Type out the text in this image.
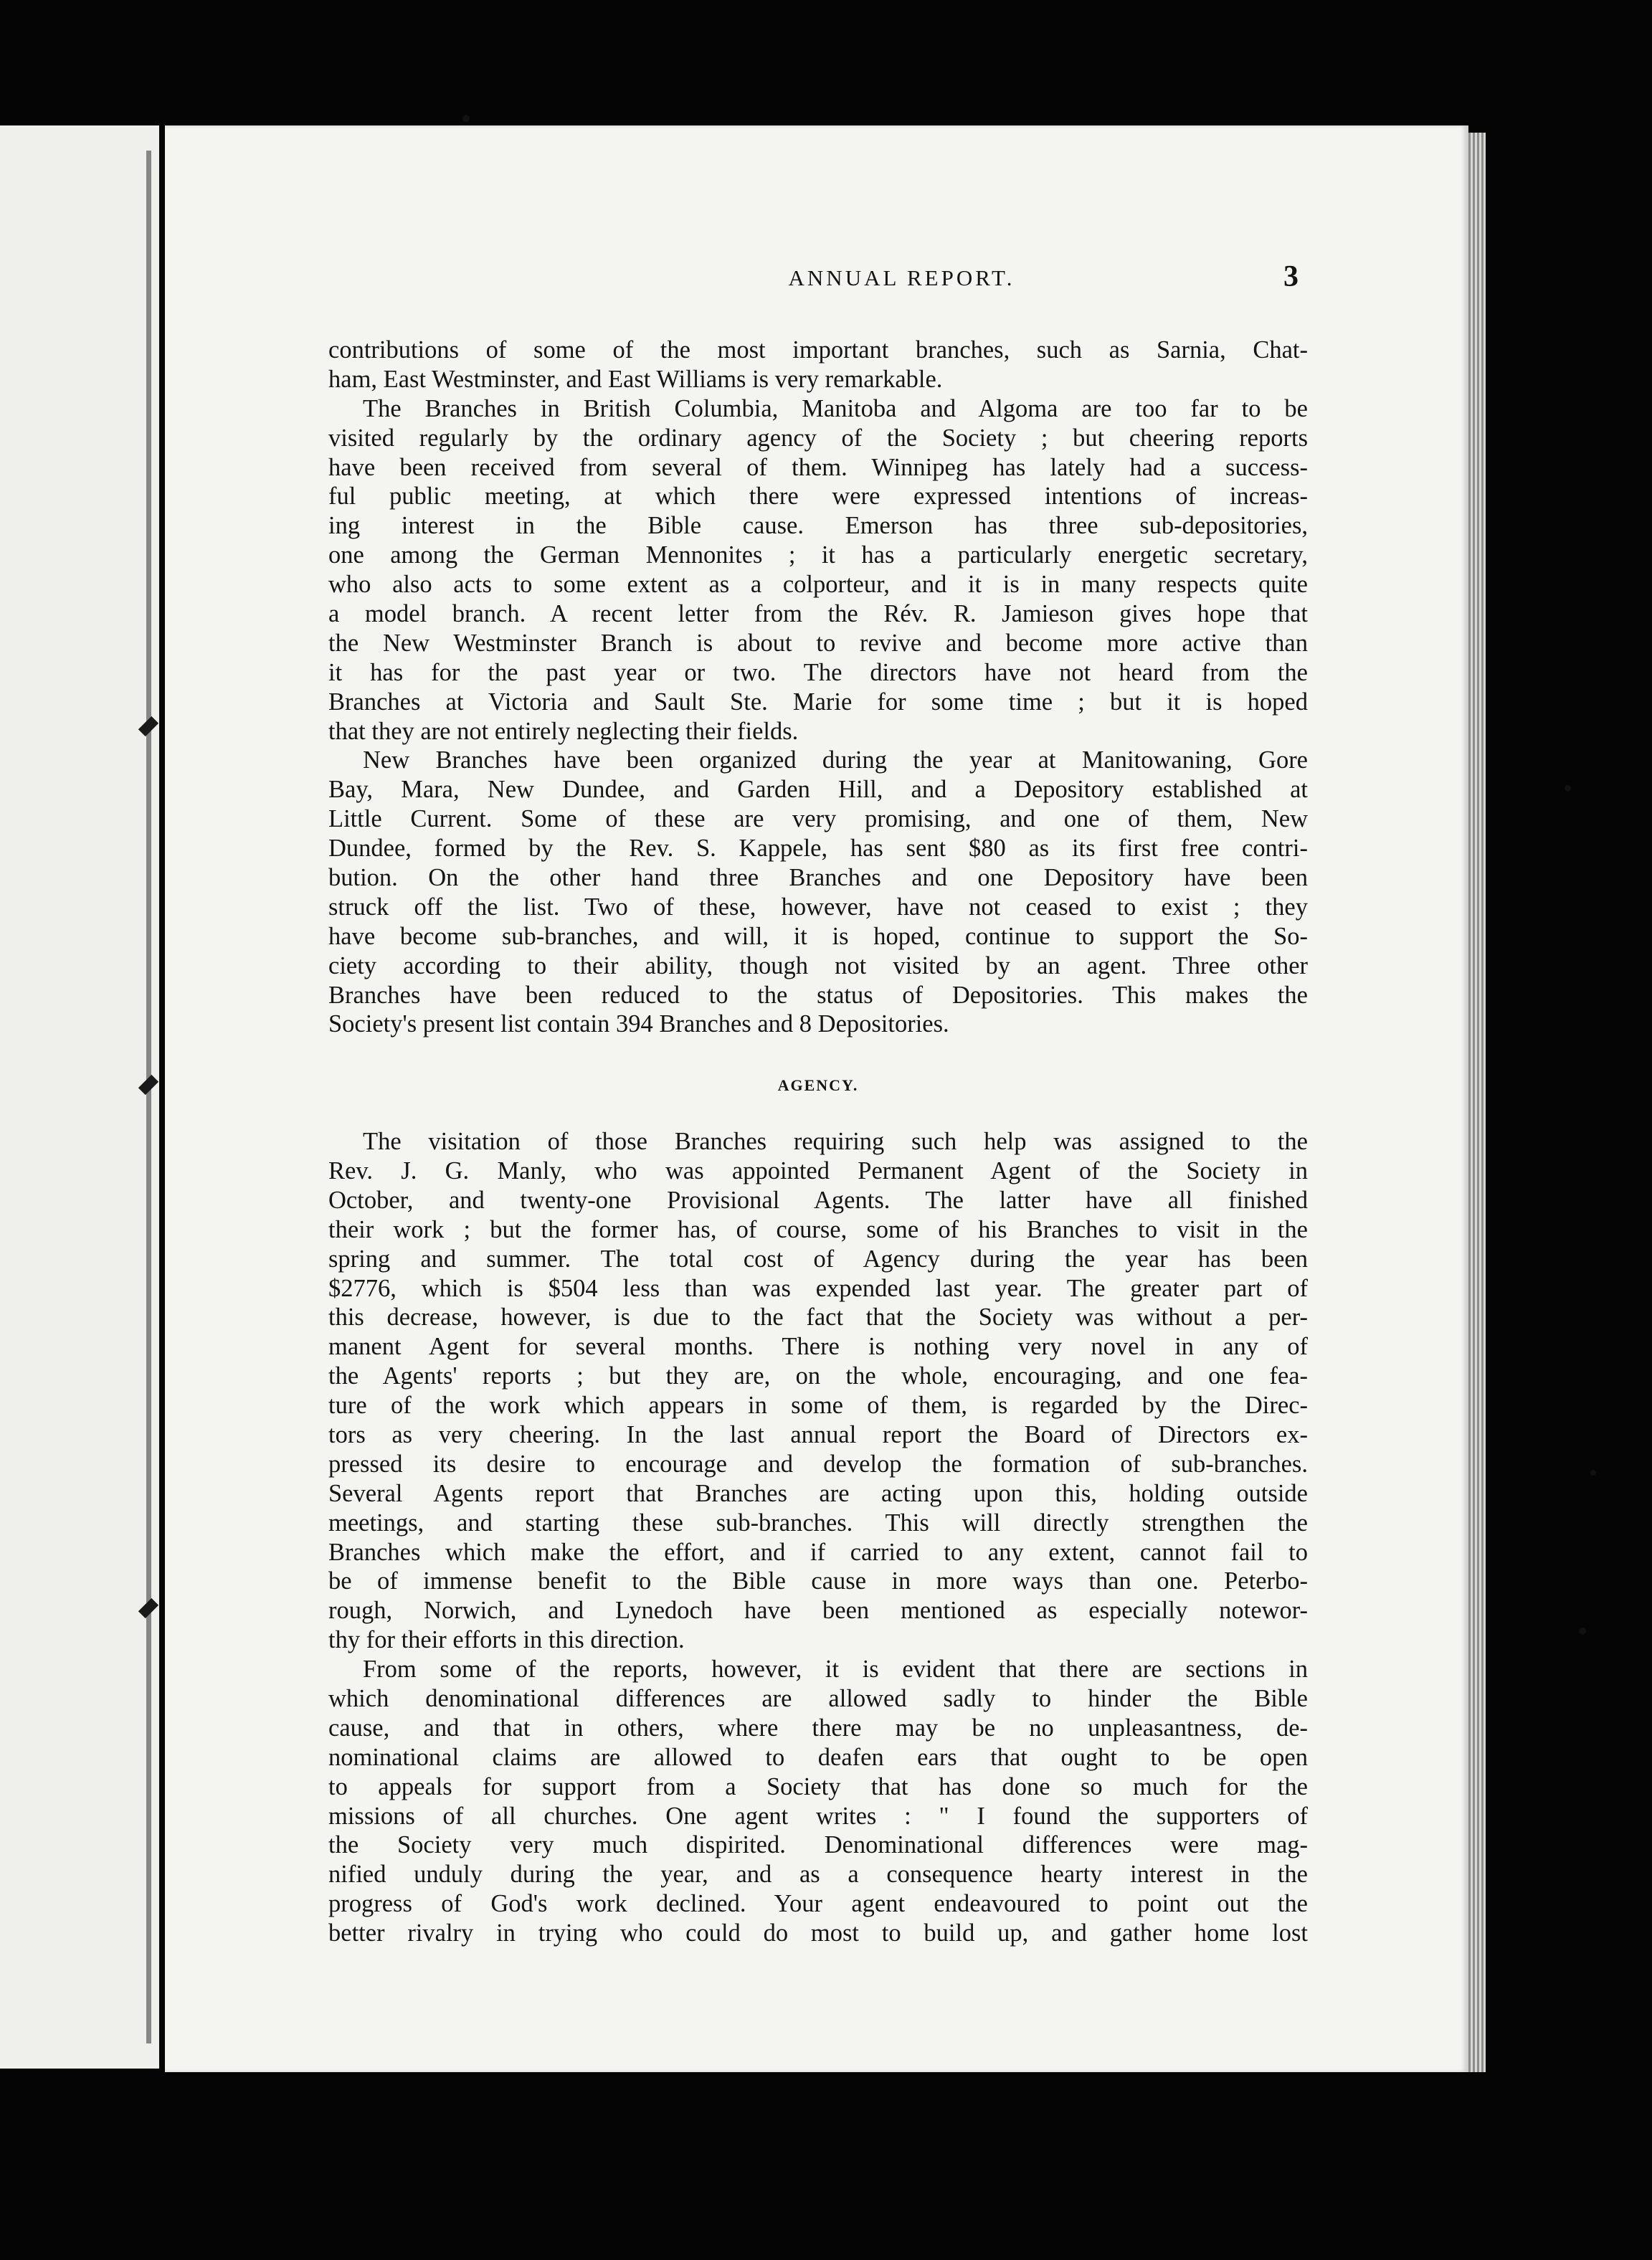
ANNUAL REPORT.	3
contributions of some of the most important branches, such as Sarnia, Chat-
ham, East Westminster, and East Williams is very remarkable.
The Branches in British Columbia, Manitoba and Algoma are too far to be
visited regularly by the ordinary agency of the Society ; but cheering reports
have been received from several of them. Winnipeg has lately had a success-
ful public meeting, at which there were expressed intentions of increas-
ing interest in the Bible cause. Emerson has three sub-depositories,
one among the German Mennonites ; it has a particularly energetic secretary,
who also acts to some extent as a colporteur, and it is in many respects quite
a model branch. A recent letter from the Rév. R. Jamieson gives hope that
the New Westminster Branch is about to revive and become more active than
it has for the past year or two. The directors have not heard from the
Branches at Victoria and Sault Ste. Marie for some time ; but it is hoped
that they are not entirely neglecting their fields.
New Branches have been organized during the year at Manitowaning, Gore
Bay, Mara, New Dundee, and Garden Hill, and a Depository established at
Little Current. Some of these are very promising, and one of them, New
Dundee, formed by the Rev. S. Kappele, has sent $80 as its first free contri-
bution. On the other hand three Branches and one Depository have been
struck off the list. Two of these, however, have not ceased to exist ; they
have become sub-branches, and will, it is hoped, continue to support the So-
ciety according to their ability, though not visited by an agent. Three other
Branches have been reduced to the status of Depositories. This makes the
Society's present list contain 394 Branches and 8 Depositories.
AGENCY.
The visitation of those Branches requiring such help was assigned to the
Rev. J. G. Manly, who was appointed Permanent Agent of the Society in
October, and twenty-one Provisional Agents. The latter have all finished
their work ; but the former has, of course, some of his Branches to visit in the
spring and summer. The total cost of Agency during the year has been
$2776, which is $504 less than was expended last year. The greater part of
this decrease, however, is due to the fact that the Society was without a per-
manent Agent for several months. There is nothing very novel in any of
the Agents' reports ; but they are, on the whole, encouraging, and one fea-
ture of the work which appears in some of them, is regarded by the Direc-
tors as very cheering. In the last annual report the Board of Directors ex-
pressed its desire to encourage and develop the formation of sub-branches.
Several Agents report that Branches are acting upon this, holding outside
meetings, and starting these sub-branches. This will directly strengthen the
Branches which make the effort, and if carried to any extent, cannot fail to
be of immense benefit to the Bible cause in more ways than one. Peterbo-
rough, Norwich, and Lynedoch have been mentioned as especially notewor-
thy for their efforts in this direction.
From some of the reports, however, it is evident that there are sections in
which denominational differences are allowed sadly to hinder the Bible
cause, and that in others, where there may be no unpleasantness, de-
nominational claims are allowed to deafen ears that ought to be open
to appeals for support from a Society that has done so much for the
missions of all churches. One agent writes : " I found the supporters of
the Society very much dispirited. Denominational differences were mag-
nified unduly during the year, and as a consequence hearty interest in the
progress of God's work declined. Your agent endeavoured to point out the
better rivalry in trying who could do most to build up, and gather home lost
